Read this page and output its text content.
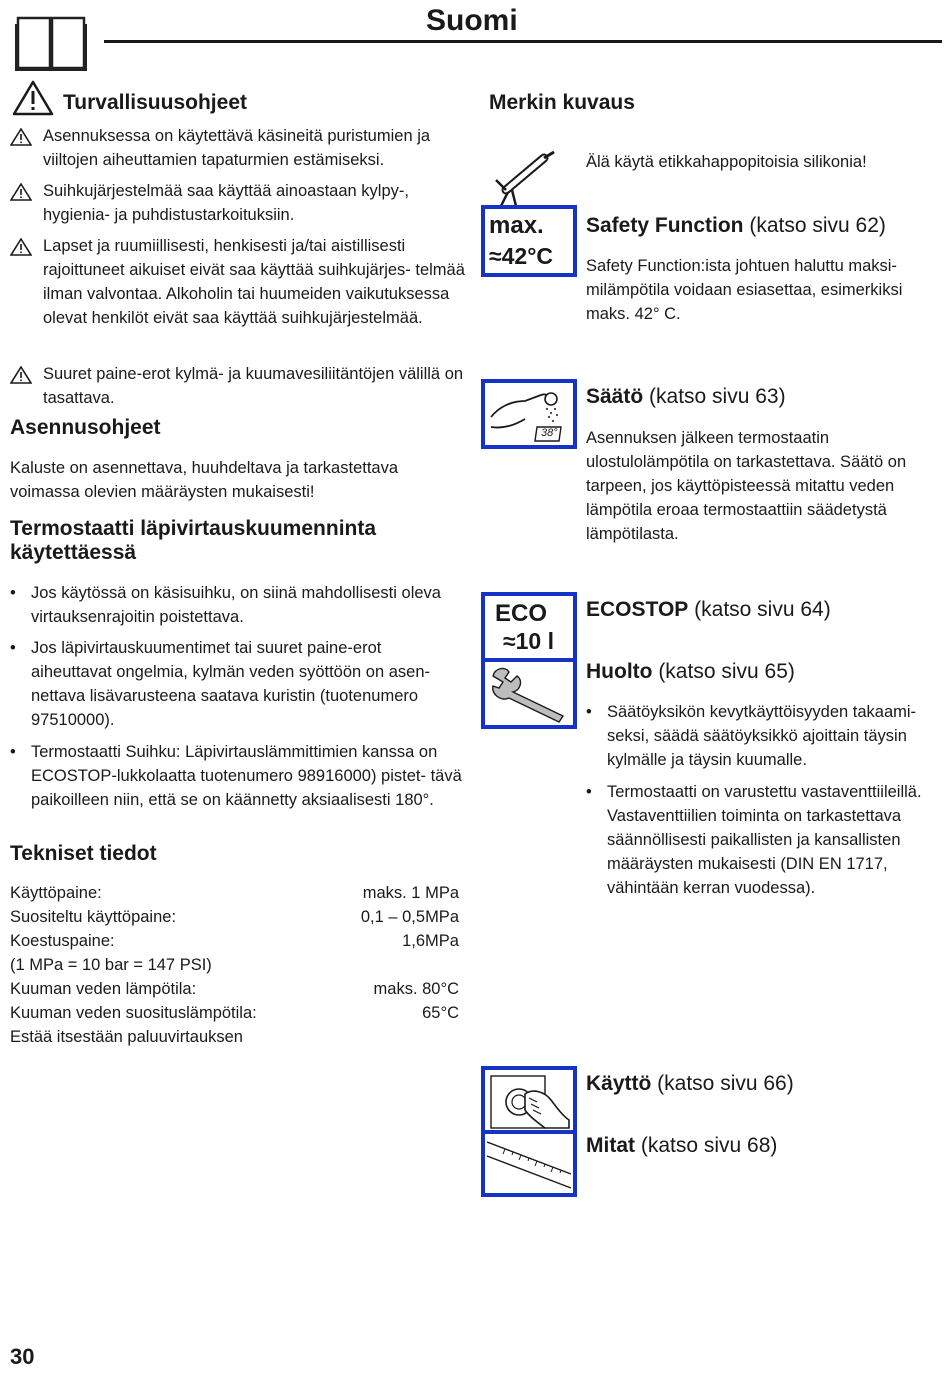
Suomi
Turvallisuusohjeet
Asennuksessa on käytettävä käsineitä puristumien ja viiltojen aiheuttamien tapaturmien estämiseksi.
Suihkujärjestelmää saa käyttää ainoastaan kylpy-, hygienia- ja puhdistustarkoituksiin.
Lapset ja ruumiillisesti, henkisesti ja/tai aistillisesti rajoittuneet aikuiset eivät saa käyttää suihkujärjes- telmää ilman valvontaa. Alkoholin tai huumeiden vaikutuksessa olevat henkilöt eivät saa käyttää suihkujärjestelmää.
Suuret paine-erot kylmä- ja kuumavesiliitäntöjen välillä on tasattava.
Asennusohjeet
Kaluste on asennettava, huuhdeltava ja tarkastettava voimassa olevien määräysten mukaisesti!
Termostaatti läpivirtauskuumenninta
käytettäessä
• Jos käytössä on käsisuihku, on siinä mahdollisesti oleva virtauksenrajoitin poistettava.
• Jos läpivirtauskuumentimet tai suuret paine-erot aiheuttavat ongelmia, kylmän veden syöttöön on asen- nettava lisävarusteena saatava kuristin (tuotenumero 97510000).
• Termostaatti Suihku: Läpivirtauslämmittimien kanssa on ECOSTOP-lukkolaatta tuotenumero 98916000) pistet- tävä paikoilleen niin, että se on käännetty aksiaalisesti 180°.
Tekniset tiedot
Käyttöpaine:	maks. 1 MPa
Suositeltu käyttöpaine:	0,1 – 0,5MPa
Koestuspaine:	1,6MPa
(1 MPa = 10 bar = 147 PSI)
Kuuman veden lämpötila:	maks. 80°C
Kuuman veden suosituslämpötila:	65°C
Estää itsestään paluuvirtauksen
30
Merkin kuvaus
Älä käytä etikkahappopitoisia silikonia!
max.
≈42°C
Safety Function (katso sivu 62)
Safety Function:ista johtuen haluttu maksi- milämpötila voidaan esiasettaa, esimerkiksi maks. 42° C.
38°
Säätö (katso sivu 63)
Asennuksen jälkeen termostaatin ulostulolämpötila on tarkastettava. Säätö on tarpeen, jos käyttöpisteessä mitattu veden lämpötila eroaa termostaattiin säädetystä lämpötilasta.
ECO
≈10 l
ECOSTOP (katso sivu 64)
Huolto (katso sivu 65)
• Säätöyksikön kevytkäyttöisyyden takaami- seksi, säädä säätöyksikkö ajoittain täysin kylmälle ja täysin kuumalle.
• Termostaatti on varustettu vastaventtiileillä. Vastaventtiilien toiminta on tarkastettava säännöllisesti paikallisten ja kansallisten määräysten mukaisesti (DIN EN 1717, vähintään kerran vuodessa).
Käyttö (katso sivu 66)
Mitat (katso sivu 68)
